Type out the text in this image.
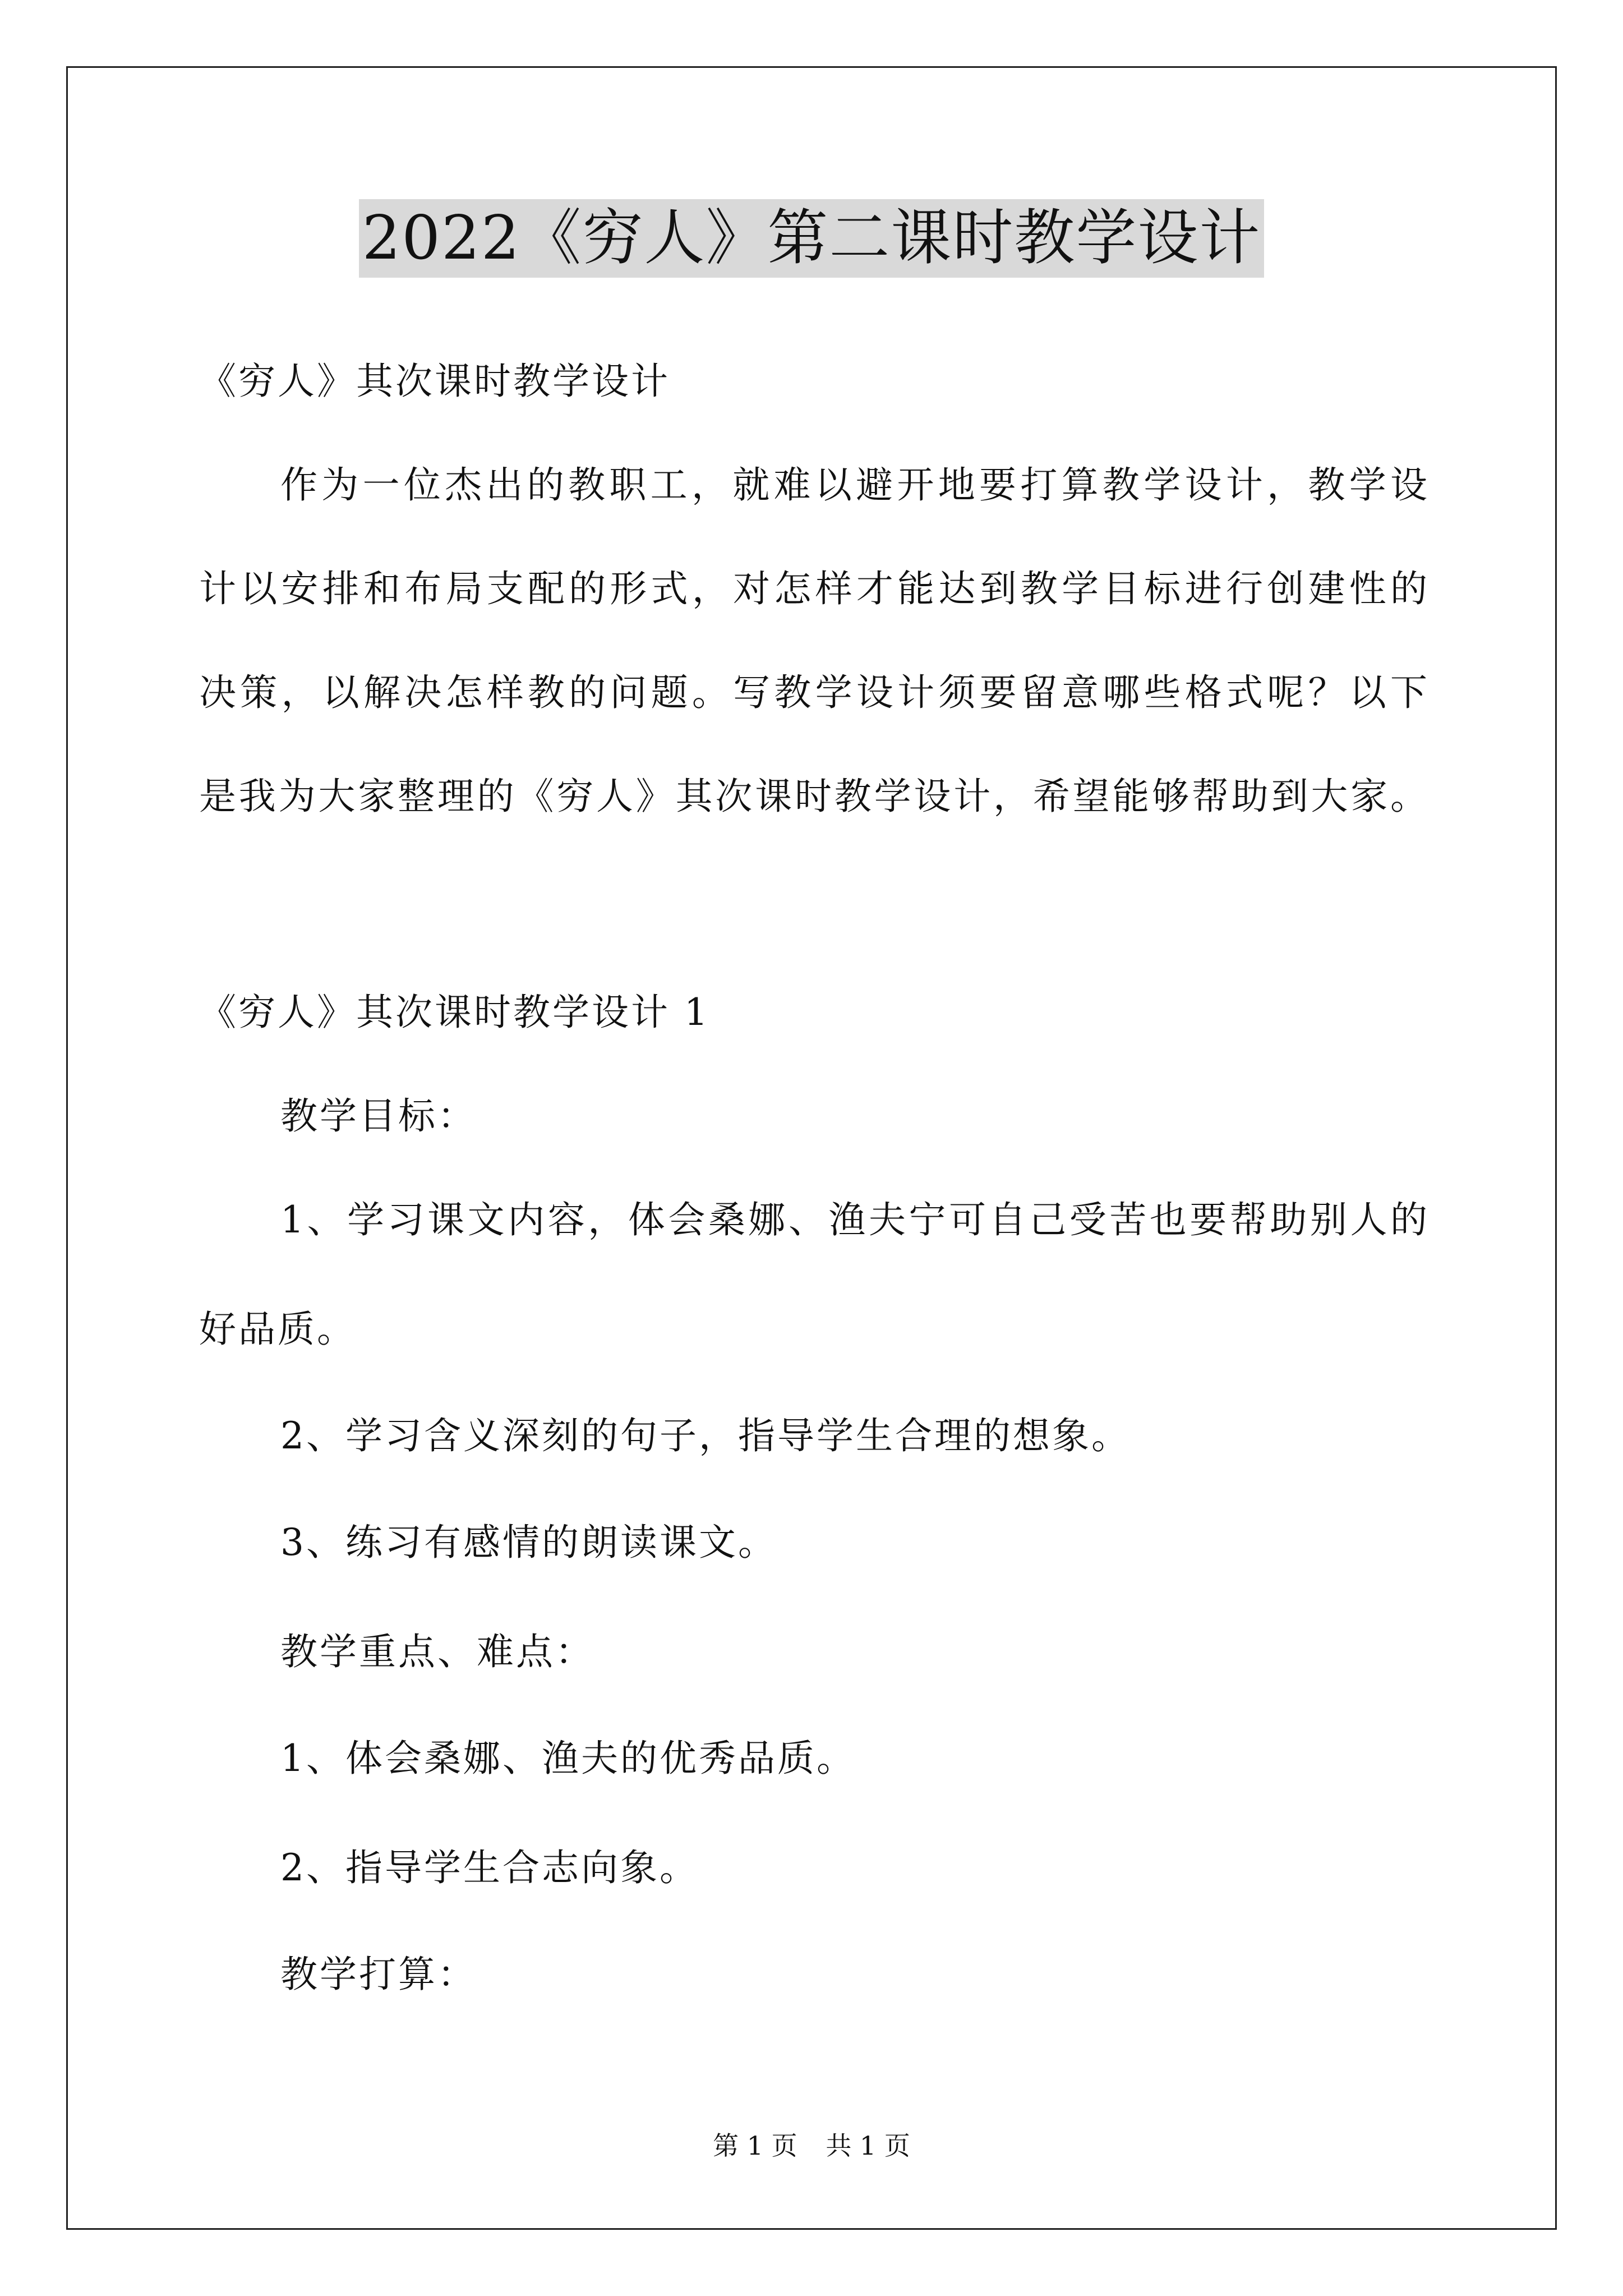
2022《穷人》第二课时教学设计
《穷人》其次课时教学设计
作为一位杰出的教职工，就难以避开地要打算教学设计，教学设
计以安排和布局支配的形式，对怎样才能达到教学目标进行创建性的
决策，以解决怎样教的问题。写教学设计须要留意哪些格式呢？以下
是我为大家整理的《穷人》其次课时教学设计，希望能够帮助到大家。
《穷人》其次课时教学设计 1
教学目标：
1、学习课文内容，体会桑娜、渔夫宁可自己受苦也要帮助别人的
好品质。
2、学习含义深刻的句子，指导学生合理的想象。
3、练习有感情的朗读课文。
教学重点、难点：
1、体会桑娜、渔夫的优秀品质。
2、指导学生合志向象。
教学打算：
第 1 页 共 1 页
